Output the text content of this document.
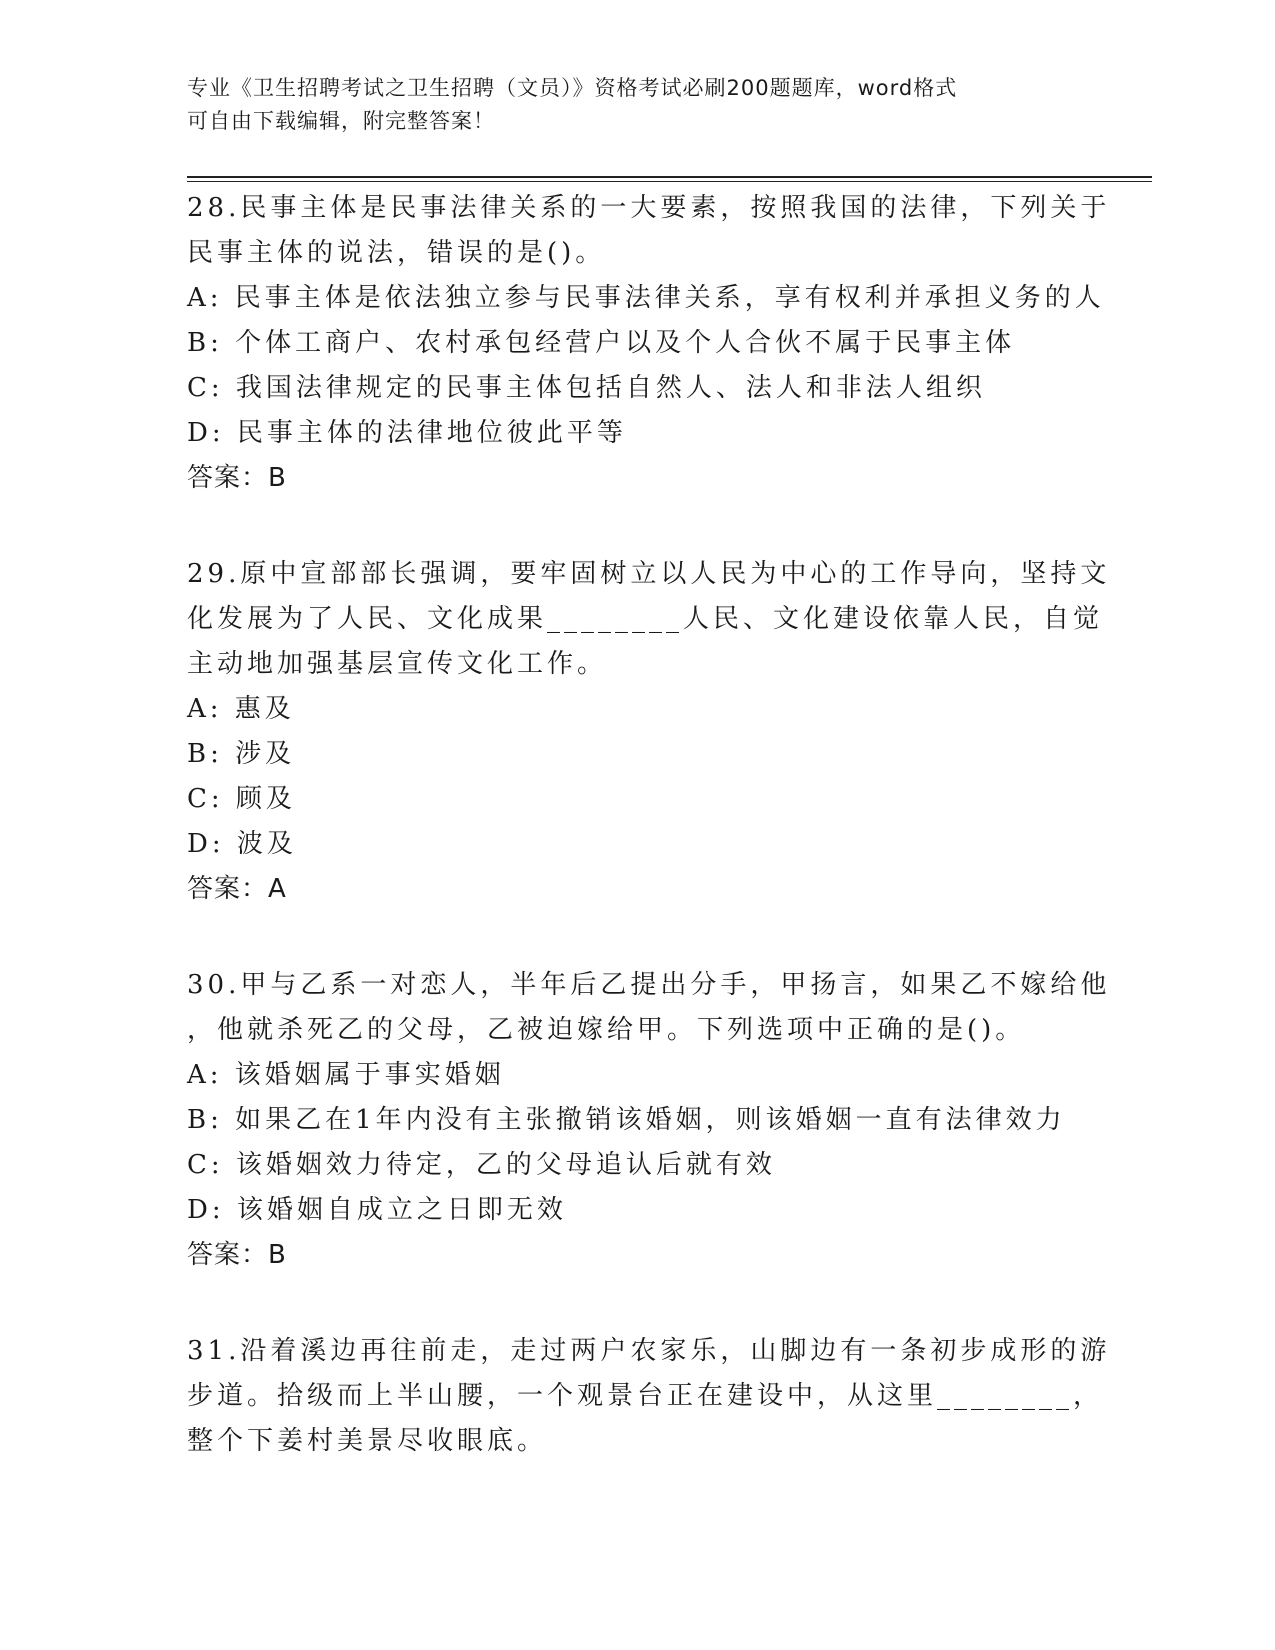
专业《卫生招聘考试之卫生招聘（文员）》资格考试必刷200题题库，word格式
可自由下载编辑，附完整答案！
28.民事主体是民事法律关系的一大要素，按照我国的法律，下列关于
民事主体的说法，错误的是()。
A: 民事主体是依法独立参与民事法律关系，享有权利并承担义务的人
B: 个体工商户、农村承包经营户以及个人合伙不属于民事主体
C: 我国法律规定的民事主体包括自然人、法人和非法人组织
D: 民事主体的法律地位彼此平等
答案：B
29.原中宣部部长强调，要牢固树立以人民为中心的工作导向，坚持文
化发展为了人民、文化成果________人民、文化建设依靠人民，自觉
主动地加强基层宣传文化工作。
A: 惠及
B: 涉及
C: 顾及
D: 波及
答案：A
30.甲与乙系一对恋人，半年后乙提出分手，甲扬言，如果乙不嫁给他
，他就杀死乙的父母，乙被迫嫁给甲。下列选项中正确的是()。
A: 该婚姻属于事实婚姻
B: 如果乙在1年内没有主张撤销该婚姻，则该婚姻一直有法律效力
C: 该婚姻效力待定，乙的父母追认后就有效
D: 该婚姻自成立之日即无效
答案：B
31.沿着溪边再往前走，走过两户农家乐，山脚边有一条初步成形的游
步道。拾级而上半山腰，一个观景台正在建设中，从这里________，
整个下姜村美景尽收眼底。
